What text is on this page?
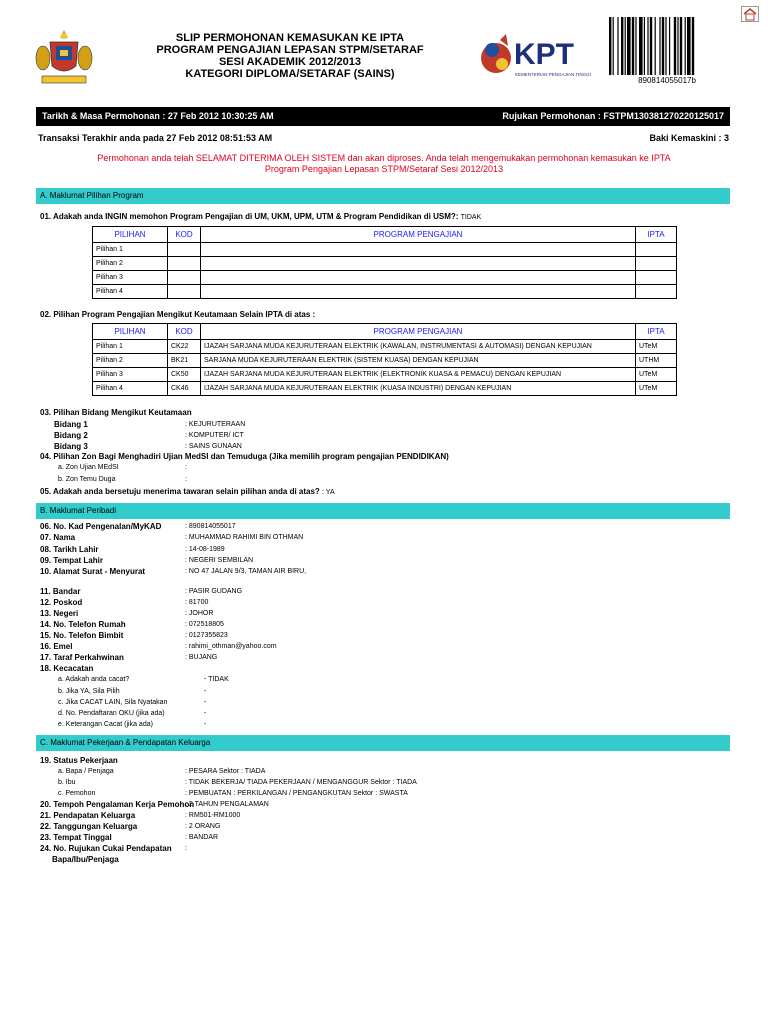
SLIP PERMOHONAN KEMASUKAN KE IPTA
PROGRAM PENGAJIAN LEPASAN STPM/SETARAF
SESI AKADEMIK 2012/2013
KATEGORI DIPLOMA/SETARAF (SAINS)
KPT
KEMENTERIAN PENGAJIAN TINGGI
890814055017b
Tarikh & Masa Permohonan : 27 Feb 2012 10:30:25 AM	Rujukan Permohonan : FSTPM130381270220125017
Transaksi Terakhir anda pada 27 Feb 2012 08:51:53 AM	Baki Kemaskini : 3
Permohonan anda telah SELAMAT DITERIMA OLEH SISTEM dan akan diproses. Anda telah mengemukakan permohonan kemasukan ke IPTA
Program Pengajian Lepasan STPM/Setaraf Sesi 2012/2013
A. Maklumat Pilihan Program
01. Adakah anda INGIN memohon Program Pengajian di UM, UKM, UPM, UTM & Program Pendidikan di USM?: TIDAK
PILIHAN	KOD	PROGRAM PENGAJIAN	IPTA
Pilihan 1			
Pilihan 2			
Pilihan 3			
Pilihan 4			
02. Pilihan Program Pengajian Mengikut Keutamaan Selain IPTA di atas :
PILIHAN	KOD	PROGRAM PENGAJIAN	IPTA
Pilihan 1	CK22	IJAZAH SARJANA MUDA KEJURUTERAAN ELEKTRIK (KAWALAN, INSTRUMENTASI & AUTOMASI) DENGAN KEPUJIAN	UTeM
Pilihan 2	BK21	SARJANA MUDA KEJURUTERAAN ELEKTRIK (SISTEM KUASA) DENGAN KEPUJIAN	UTHM
Pilihan 3	CK50	IJAZAH SARJANA MUDA KEJURUTERAAN ELEKTRIK (ELEKTRONIK KUASA & PEMACU) DENGAN KEPUJIAN	UTeM
Pilihan 4	CK46	IJAZAH SARJANA MUDA KEJURUTERAAN ELEKTRIK (KUASA INDUSTRI) DENGAN KEPUJIAN	UTeM
03. Pilihan Bidang Mengikut Keutamaan
Bidang 1	: KEJURUTERAAN
Bidang 2	: KOMPUTER/ ICT
Bidang 3	: SAINS GUNAAN
04. Pilihan Zon Bagi Menghadiri Ujian MedSI dan Temuduga (Jika memilih program pengajian PENDIDIKAN)
a. Zon Ujian MEdSI	:
b. Zon Temu Duga	:
05. Adakah anda bersetuju menerima tawaran selain pilihan anda di atas? : YA
B. Maklumat Peribadi
06. No. Kad Pengenalan/MyKAD	: 890814055017
07. Nama	: MUHAMMAD RAHIMI BIN OTHMAN
08. Tarikh Lahir	: 14-08-1989
09. Tempat Lahir	: NEGERI SEMBILAN
10. Alamat Surat - Menyurat	: NO 47 JALAN 9/3, TAMAN AIR BIRU,
11. Bandar	: PASIR GUDANG
12. Poskod	: 81700
13. Negeri	: JOHOR
14. No. Telefon Rumah	: 072518805
15. No. Telefon Bimbit	: 0127355823
16. Emel	: rahimi_othman@yahoo.com
17. Taraf Perkahwinan	: BUJANG
18. Kecacatan
a. Adakah anda cacat?	- TIDAK
b. Jika YA, Sila Pilih	-
c. Jika CACAT LAIN, Sila Nyatakan	-
d. No. Pendaftaran OKU (jika ada)	-
e. Keterangan Cacat (jika ada)	-
C. Maklumat Pekerjaan & Pendapatan Keluarga
19. Status Pekerjaan
a. Bapa / Penjaga	: PESARA Sektor : TIADA
b. Ibu	: TIDAK BEKERJA/ TIADA PEKERJAAN / MENGANGGUR Sektor : TIADA
c. Pemohon	: PEMBUATAN : PERKILANGAN / PENGANGKUTAN Sektor : SWASTA
20. Tempoh Pengalaman Kerja Pemohon
: 2 TAHUN PENGALAMAN
21. Pendapatan Keluarga	: RM501-RM1000
22. Tanggungan Keluarga	: 2 ORANG
23. Tempat Tinggal	: BANDAR
24. No. Rujukan Cukai Pendapatan :
Bapa/Ibu/Penjaga
